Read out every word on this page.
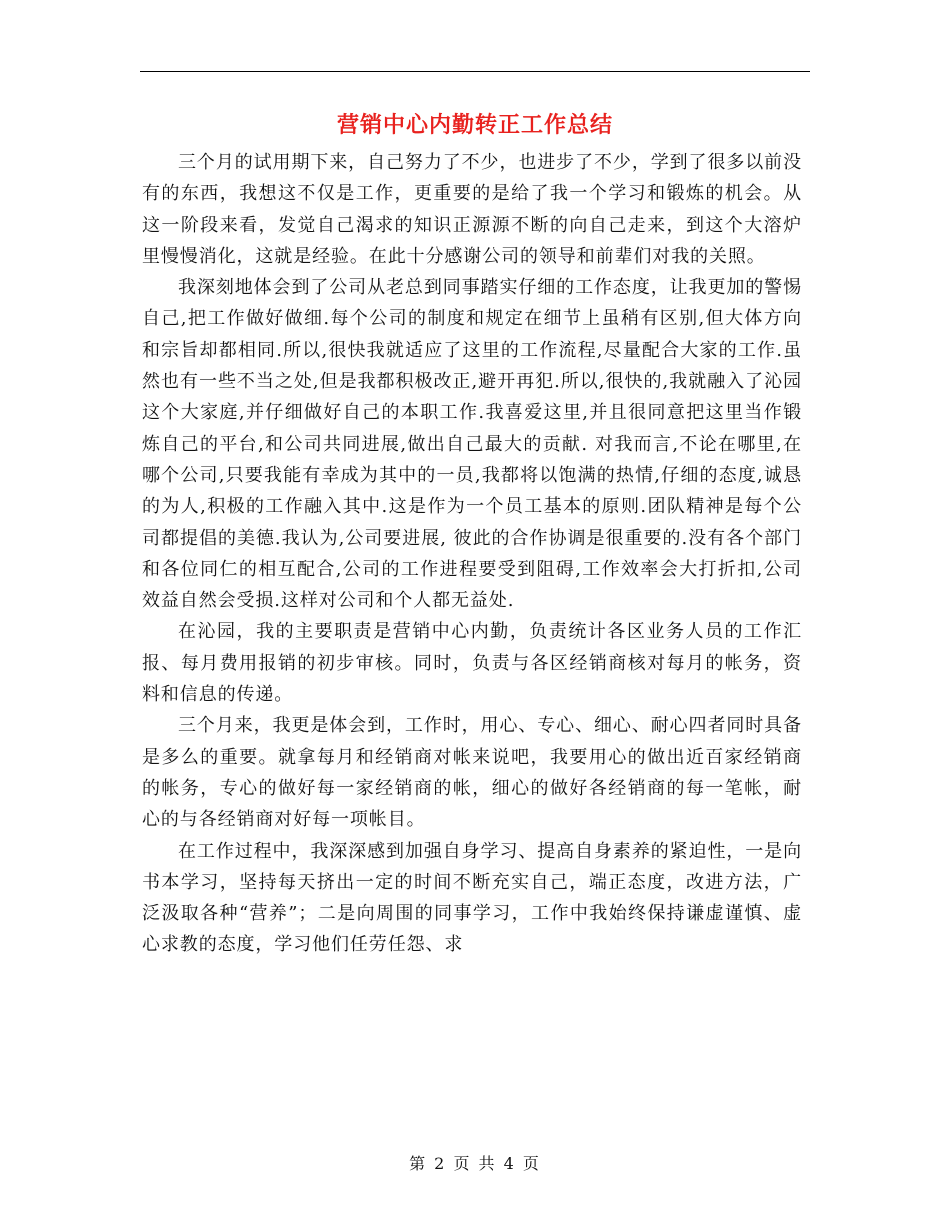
营销中心内勤转正工作总结

三个月的试用期下来，自己努力了不少，也进步了不少，学到了很多以前没有的东西，我想这不仅是工作，更重要的是给了我一个学习和锻炼的机会。从这一阶段来看，发觉自己渴求的知识正源源不断的向自己走来，到这个大溶炉里慢慢消化，这就是经验。在此十分感谢公司的领导和前辈们对我的关照。

我深刻地体会到了公司从老总到同事踏实仔细的工作态度，让我更加的警惕自己,把工作做好做细.每个公司的制度和规定在细节上虽稍有区别,但大体方向和宗旨却都相同.所以,很快我就适应了这里的工作流程,尽量配合大家的工作.虽然也有一些不当之处,但是我都积极改正,避开再犯.所以,很快的,我就融入了沁园这个大家庭,并仔细做好自己的本职工作.我喜爱这里,并且很同意把这里当作锻炼自己的平台,和公司共同进展,做出自己最大的贡献. 对我而言,不论在哪里,在哪个公司,只要我能有幸成为其中的一员,我都将以饱满的热情,仔细的态度,诚恳的为人,积极的工作融入其中.这是作为一个员工基本的原则.团队精神是每个公司都提倡的美德.我认为,公司要进展, 彼此的合作协调是很重要的.没有各个部门和各位同仁的相互配合,公司的工作进程要受到阻碍,工作效率会大打折扣,公司效益自然会受损.这样对公司和个人都无益处.

在沁园，我的主要职责是营销中心内勤，负责统计各区业务人员的工作汇报、每月费用报销的初步审核。同时，负责与各区经销商核对每月的帐务，资料和信息的传递。

三个月来，我更是体会到，工作时，用心、专心、细心、耐心四者同时具备是多么的重要。就拿每月和经销商对帐来说吧，我要用心的做出近百家经销商的帐务，专心的做好每一家经销商的帐，细心的做好各经销商的每一笔帐，耐心的与各经销商对好每一项帐目。

在工作过程中，我深深感到加强自身学习、提高自身素养的紧迫性，一是向书本学习，坚持每天挤出一定的时间不断充实自己，端正态度，改进方法，广泛汲取各种“营养”；二是向周围的同事学习，工作中我始终保持谦虚谨慎、虚心求教的态度，学习他们任劳任怨、求

第 2 页 共 4 页
